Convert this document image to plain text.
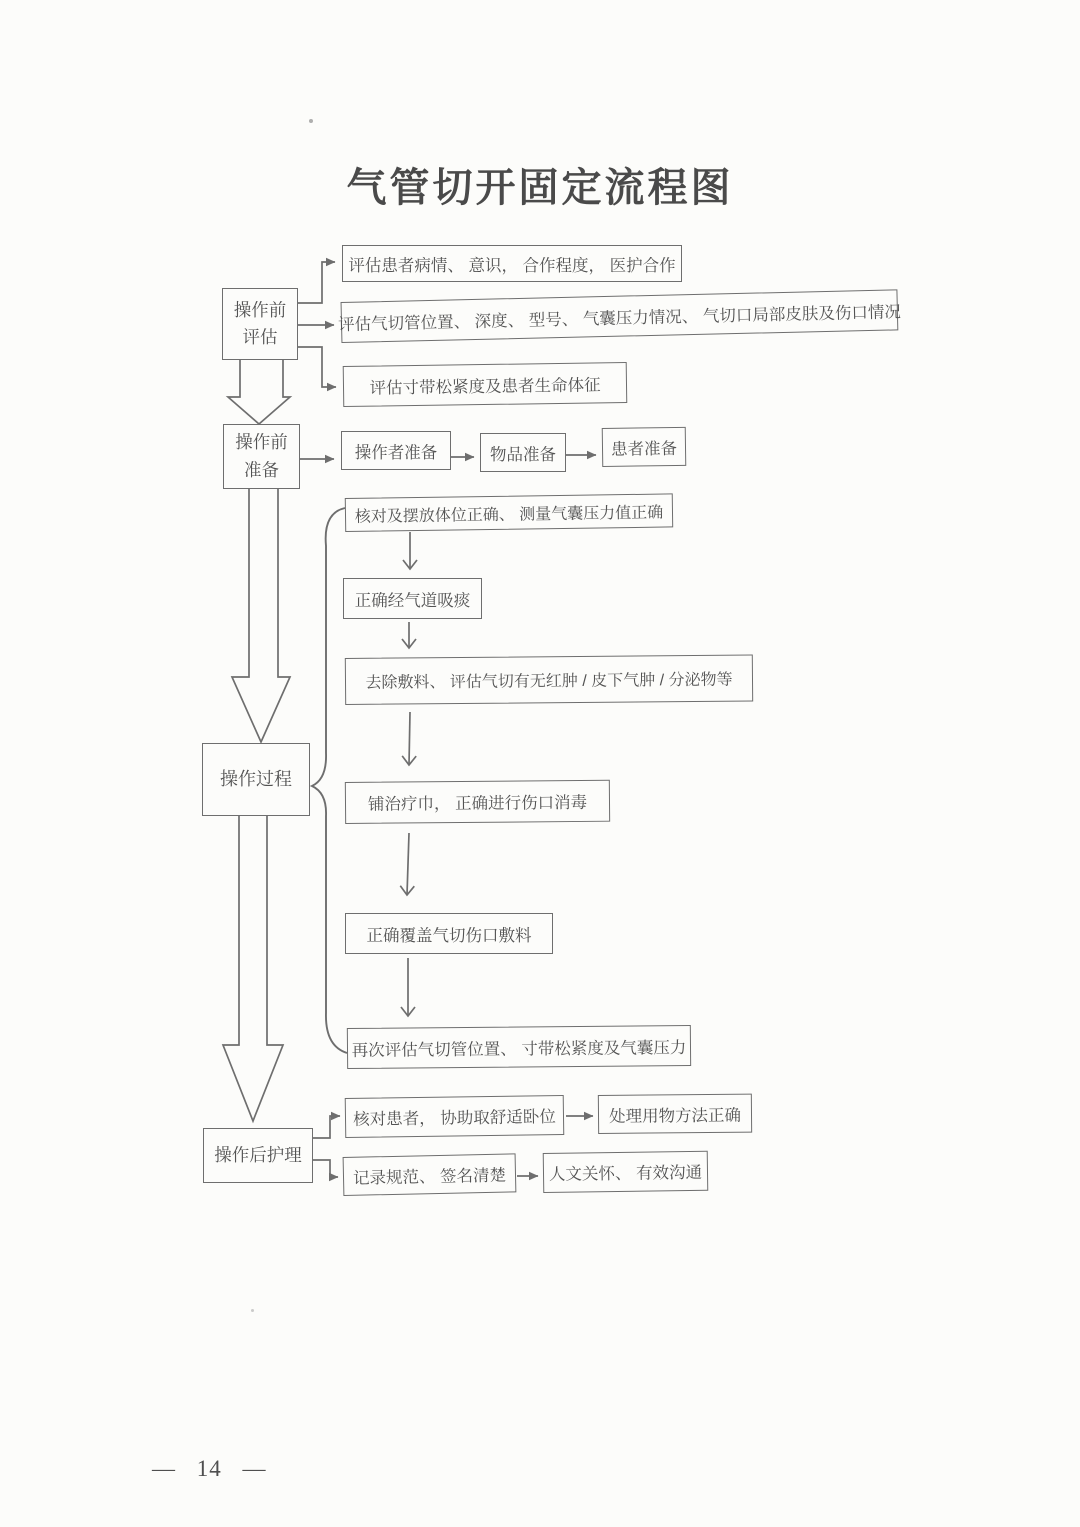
气管切开固定流程图
操作前
评估
操作前
准备
操作过程
操作后护理
评估患者病情、 意识， 合作程度， 医护合作
评估气切管位置、 深度、 型号、 气囊压力情况、 气切口局部皮肤及伤口情况
评估寸带松紧度及患者生命体征
操作者准备	物品准备	患者准备
核对及摆放体位正确、 测量气囊压力值正确
正确经气道吸痰
去除敷料、 评估气切有无红肿 / 皮下气肿 / 分泌物等
铺治疗巾， 正确进行伤口消毒
正确覆盖气切伤口敷料
再次评估气切管位置、 寸带松紧度及气囊压力
核对患者， 协助取舒适卧位	处理用物方法正确
记录规范、 签名清楚	人文关怀、 有效沟通
— 14 —
